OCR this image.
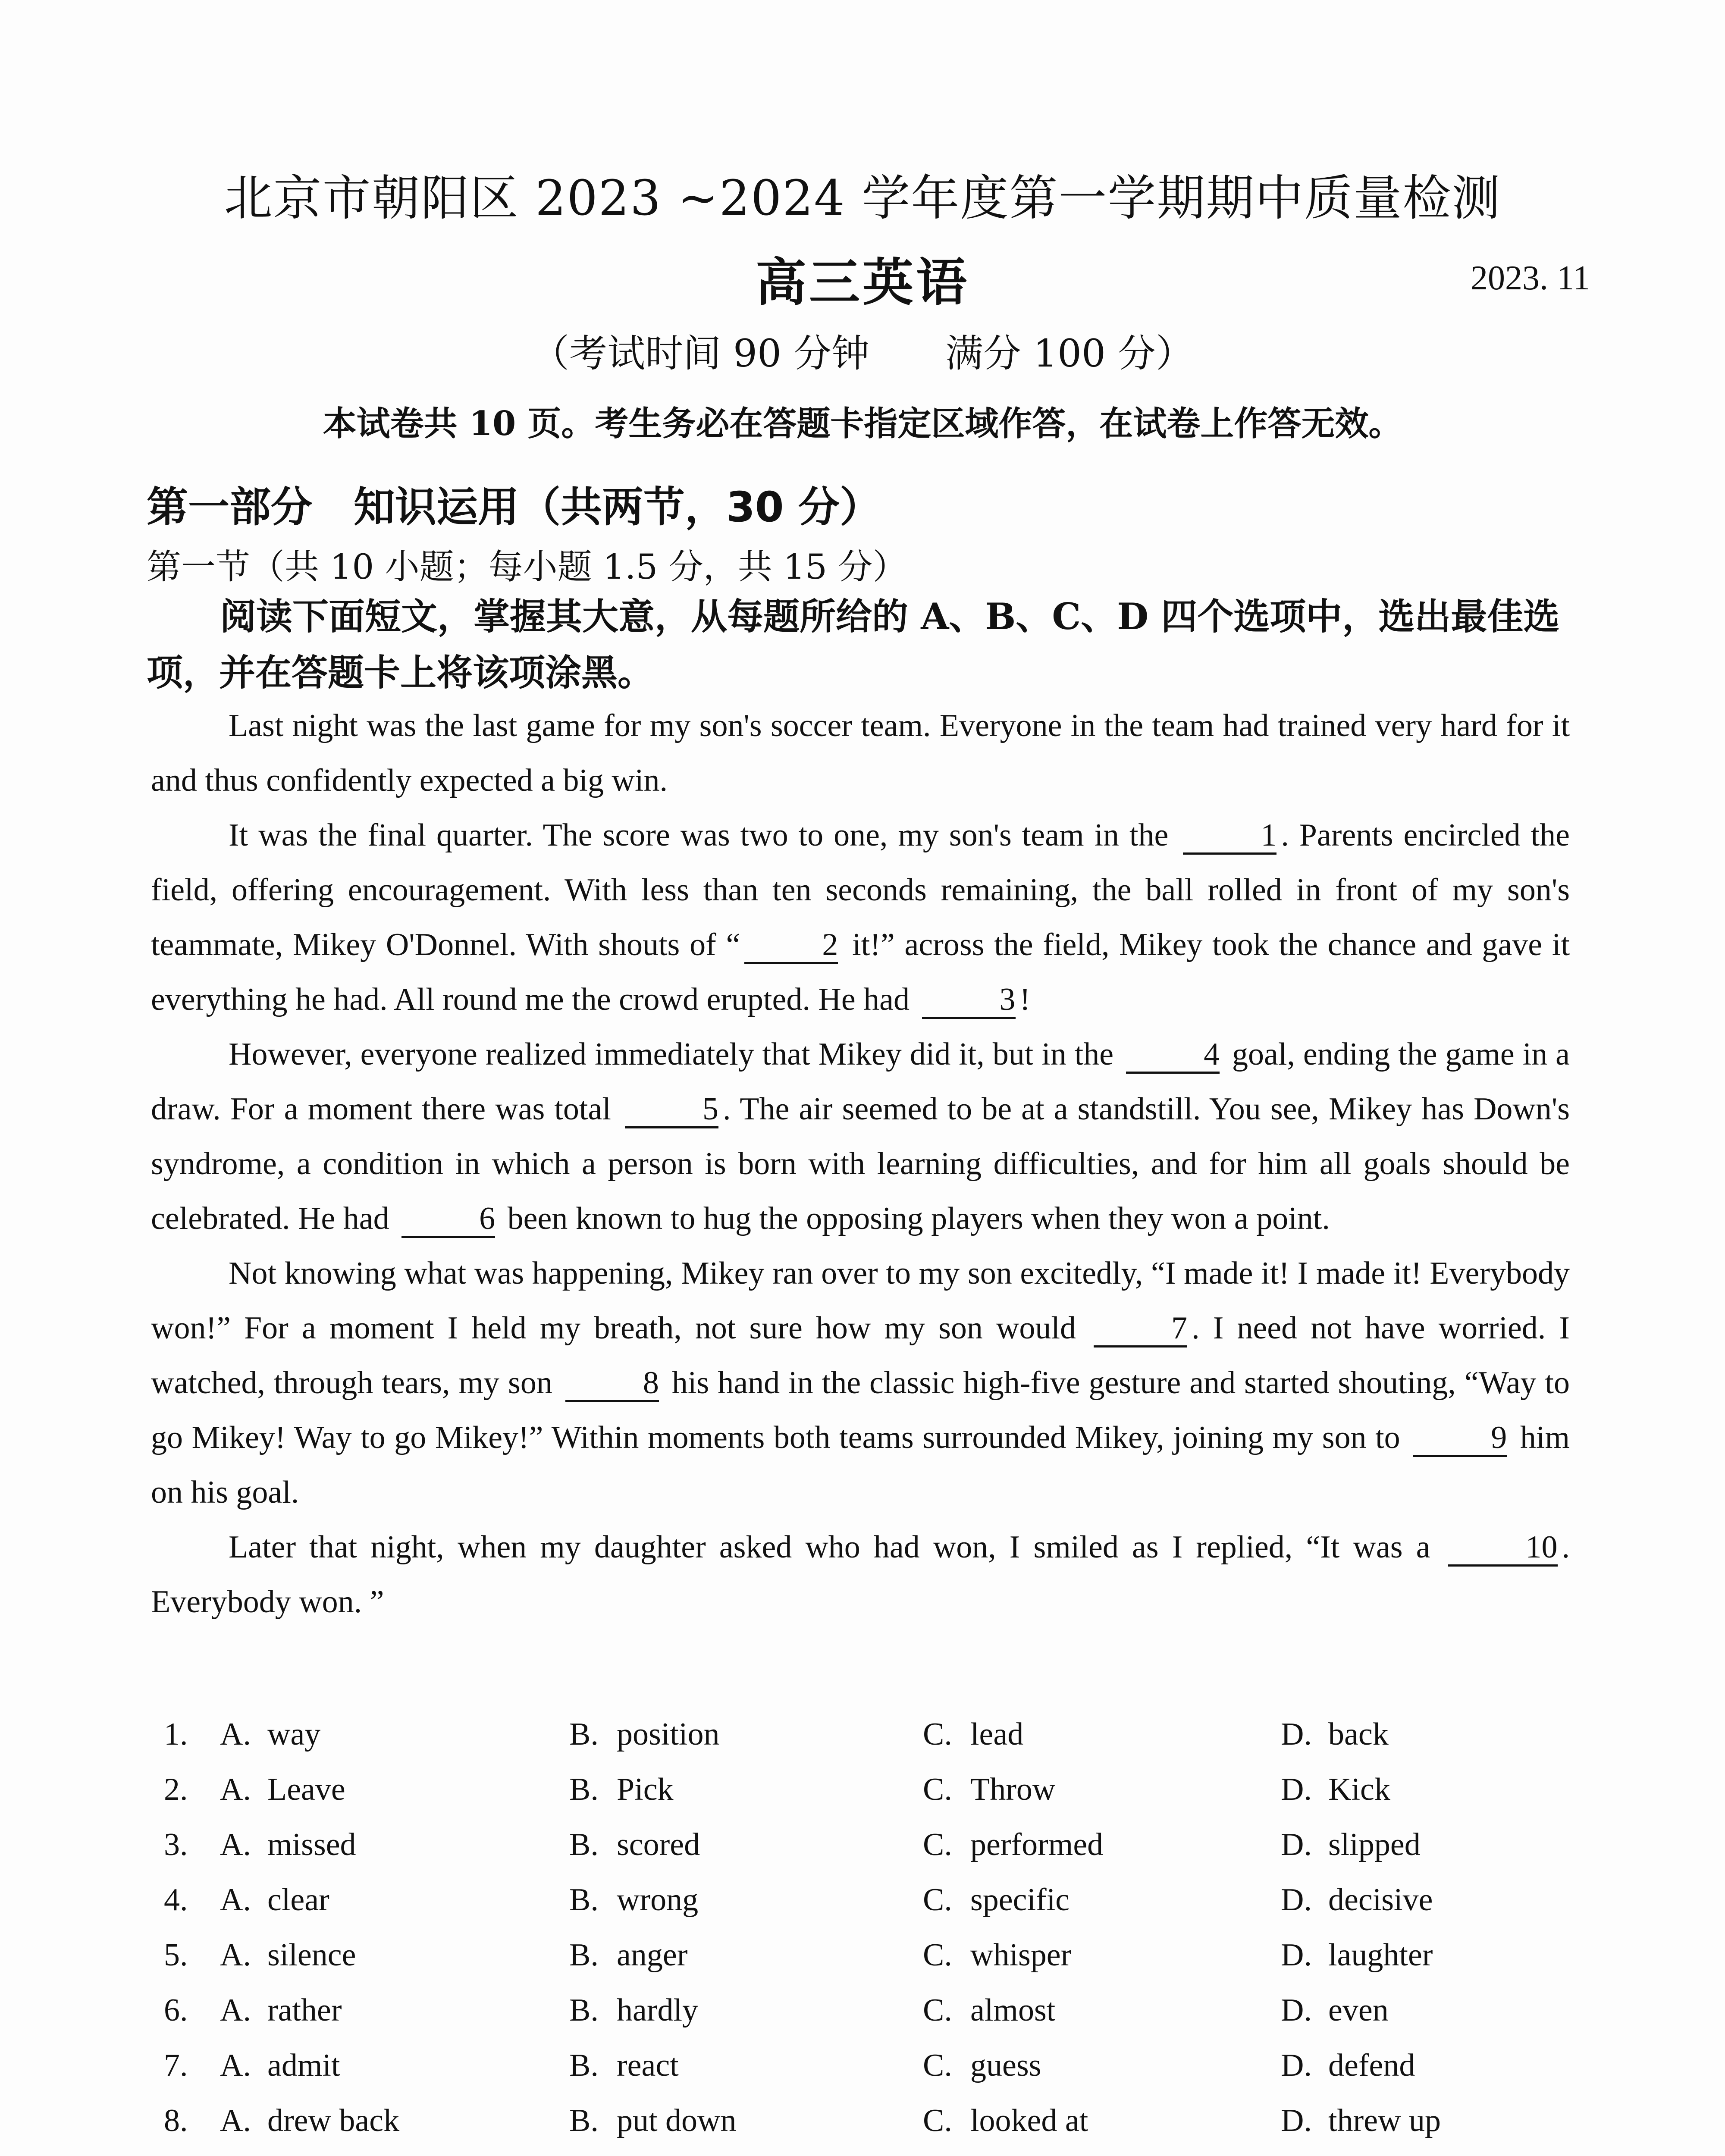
北京市朝阳区 2023 ~2024 学年度第一学期期中质量检测
高三英语	2023. 11
（考试时间 90 分钟　　满分 100 分）
本试卷共 10 页。考生务必在答题卡指定区域作答，在试卷上作答无效。
第一部分　知识运用（共两节，30 分）
第一节（共 10 小题；每小题 1.5 分，共 15 分）
阅读下面短文，掌握其大意，从每题所给的 A、B、C、D 四个选项中，选出最佳选项，并在答题卡上将该项涂黑。

Last night was the last game for my son's soccer team. Everyone in the team had trained very hard for it and thus confidently expected a big win.

It was the final quarter. The score was two to one, my son's team in the	1 . Parents encircled the field, offering encouragement. With less than ten seconds remaining, the ball rolled in front of my son's teammate, Mikey O'Donnel. With shouts of “	2 it!” across the field, Mikey took the chance and gave it everything he had. All round me the crowd erupted. He had	3 !

However, everyone realized immediately that Mikey did it, but in the	4 goal, ending the game in a draw. For a moment there was total	5 . The air seemed to be at a standstill. You see, Mikey has Down's syndrome, a condition in which a person is born with learning difficulties, and for him all goals should be celebrated. He had	6 been known to hug the opposing players when they won a point.

Not knowing what was happening, Mikey ran over to my son excitedly, “I made it! I made it! Everybody won!” For a moment I held my breath, not sure how my son would	7 . I need not have worried. I watched, through tears, my son	8 his hand in the classic high-five gesture and started shouting, “Way to go Mikey! Way to go Mikey!” Within moments both teams surrounded Mikey, joining my son to	9 him on his goal.

Later that night, when my daughter asked who had won, I smiled as I replied, “It was a	10 . Everybody won. ”

1. A. way	B. position	C. lead	D. back
2. A. Leave	B. Pick	C. Throw	D. Kick
3. A. missed	B. scored	C. performed	D. slipped
4. A. clear	B. wrong	C. specific	D. decisive
5. A. silence	B. anger	C. whisper	D. laughter
6. A. rather	B. hardly	C. almost	D. even
7. A. admit	B. react	C. guess	D. defend
8. A. drew back	B. put down	C. looked at	D. threw up
